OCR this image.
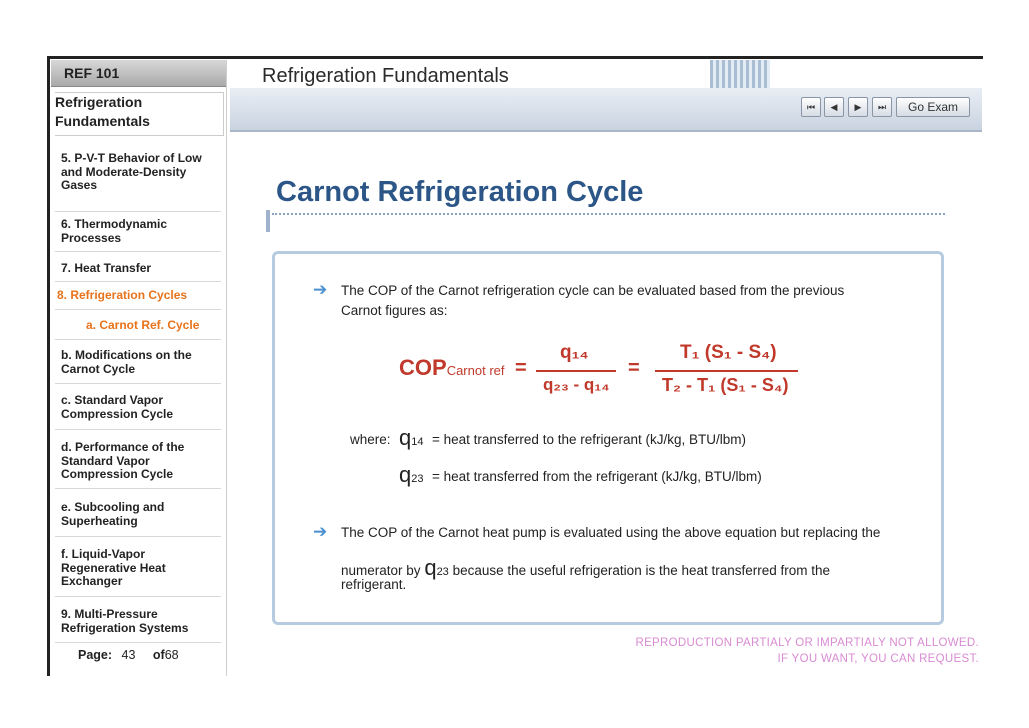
REF 101
Refrigeration Fundamentals
5. P-V-T Behavior of Low and Moderate-Density Gases
6. Thermodynamic Processes
7. Heat Transfer
8. Refrigeration Cycles
a. Carnot Ref. Cycle
b. Modifications on the Carnot Cycle
c. Standard Vapor Compression Cycle
d. Performance of the Standard Vapor Compression Cycle
e. Subcooling and Superheating
f. Liquid-Vapor Regenerative Heat Exchanger
9. Multi-Pressure Refrigeration Systems
Page: 43 of68
Refrigeration Fundamentals
⏮	◀	▶	⏭	Go Exam
Carnot Refrigeration Cycle
➔ The COP of the Carnot refrigeration cycle can be evaluated based from the previous
Carnot figures as:
COPCarnot ref =
q₁₄
q₂₃ - q₁₄
=
T₁ (S₁ - S₄)
T₂ - T₁ (S₁ - S₄)
where: q14 = heat transferred to the refrigerant (kJ/kg, BTU/lbm)
q23 = heat transferred from the refrigerant (kJ/kg, BTU/lbm)
➔ The COP of the Carnot heat pump is evaluated using the above equation but replacing the
numerator by q23 because the useful refrigeration is the heat transferred from the
refrigerant.
REPRODUCTION PARTIALY OR IMPARTIALY NOT ALLOWED.
IF YOU WANT, YOU CAN REQUEST.
